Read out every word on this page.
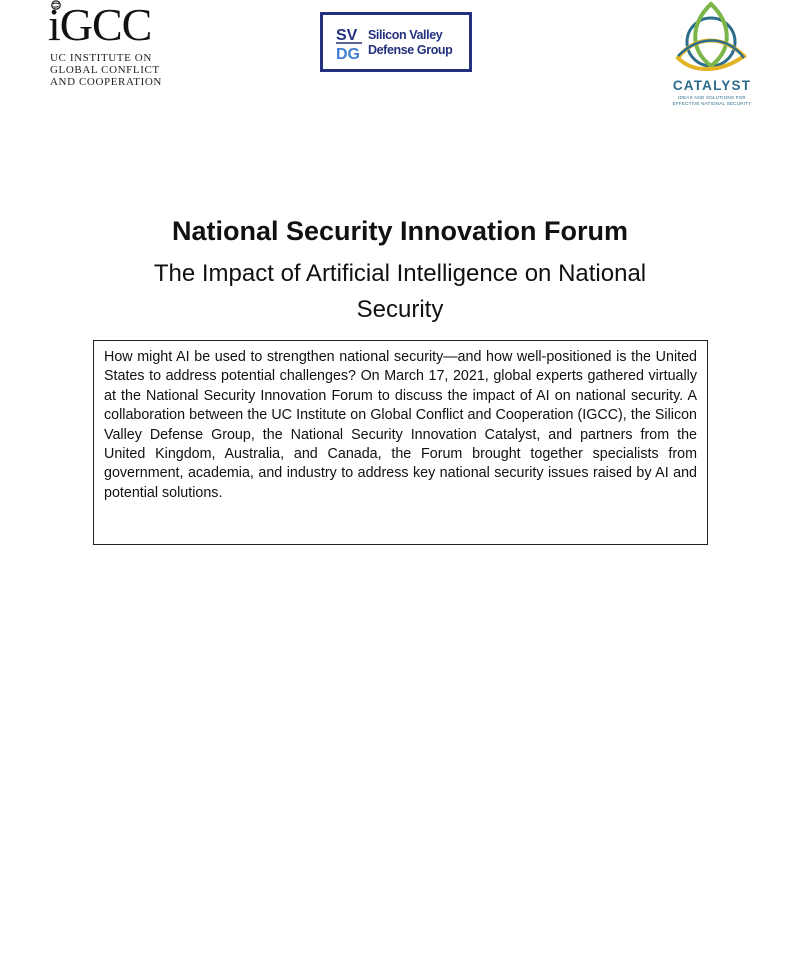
iGCC
UC INSTITUTE ON
GLOBAL CONFLICT
AND COOPERATION
SV
DG
Silicon Valley
Defense Group
CATALYST
IDEAS AND SOLUTIONS FOR
EFFECTIVE NATIONAL SECURITY
National Security Innovation Forum
The Impact of Artificial Intelligence on National Security
How might AI be used to strengthen national security—and how well-positioned is the United States to address potential challenges? On March 17, 2021, global experts gathered virtually at the National Security Innovation Forum to discuss the impact of AI on national security. A collaboration between the UC Institute on Global Conflict and Cooperation (IGCC), the Silicon Valley Defense Group, the National Security Innovation Catalyst, and partners from the United Kingdom, Australia, and Canada, the Forum brought together specialists from government, academia, and industry to address key national security issues raised by AI and potential solutions.
